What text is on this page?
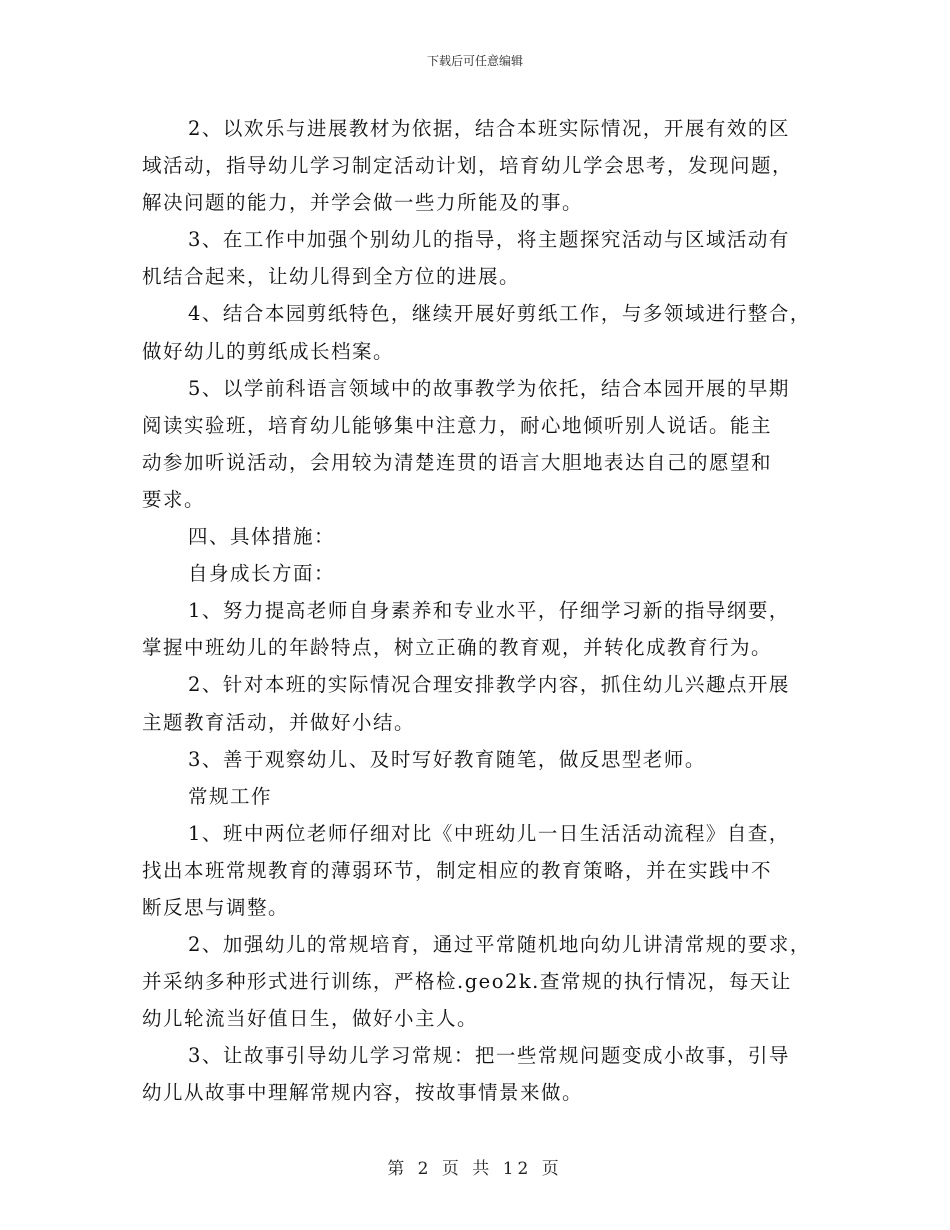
下载后可任意编辑
2、以欢乐与进展教材为依据，结合本班实际情况，开展有效的区
域活动，指导幼儿学习制定活动计划，培育幼儿学会思考，发现问题，
解决问题的能力，并学会做一些力所能及的事。
3、在工作中加强个别幼儿的指导，将主题探究活动与区域活动有
机结合起来，让幼儿得到全方位的进展。
4、结合本园剪纸特色，继续开展好剪纸工作，与多领域进行整合，
做好幼儿的剪纸成长档案。
5、以学前科语言领域中的故事教学为依托，结合本园开展的早期
阅读实验班，培育幼儿能够集中注意力，耐心地倾听别人说话。能主
动参加听说活动，会用较为清楚连贯的语言大胆地表达自己的愿望和
要求。
四、具体措施：
自身成长方面：
1、努力提高老师自身素养和专业水平，仔细学习新的指导纲要，
掌握中班幼儿的年龄特点，树立正确的教育观，并转化成教育行为。
2、针对本班的实际情况合理安排教学内容，抓住幼儿兴趣点开展
主题教育活动，并做好小结。
3、善于观察幼儿、及时写好教育随笔，做反思型老师。
常规工作
1、班中两位老师仔细对比《中班幼儿一日生活活动流程》自查，
找出本班常规教育的薄弱环节，制定相应的教育策略，并在实践中不
断反思与调整。
2、加强幼儿的常规培育，通过平常随机地向幼儿讲清常规的要求，
并采纳多种形式进行训练，严格检.geo2k.查常规的执行情况，每天让
幼儿轮流当好值日生，做好小主人。
3、让故事引导幼儿学习常规：把一些常规问题变成小故事，引导
幼儿从故事中理解常规内容，按故事情景来做。
第 2 页 共 12 页
